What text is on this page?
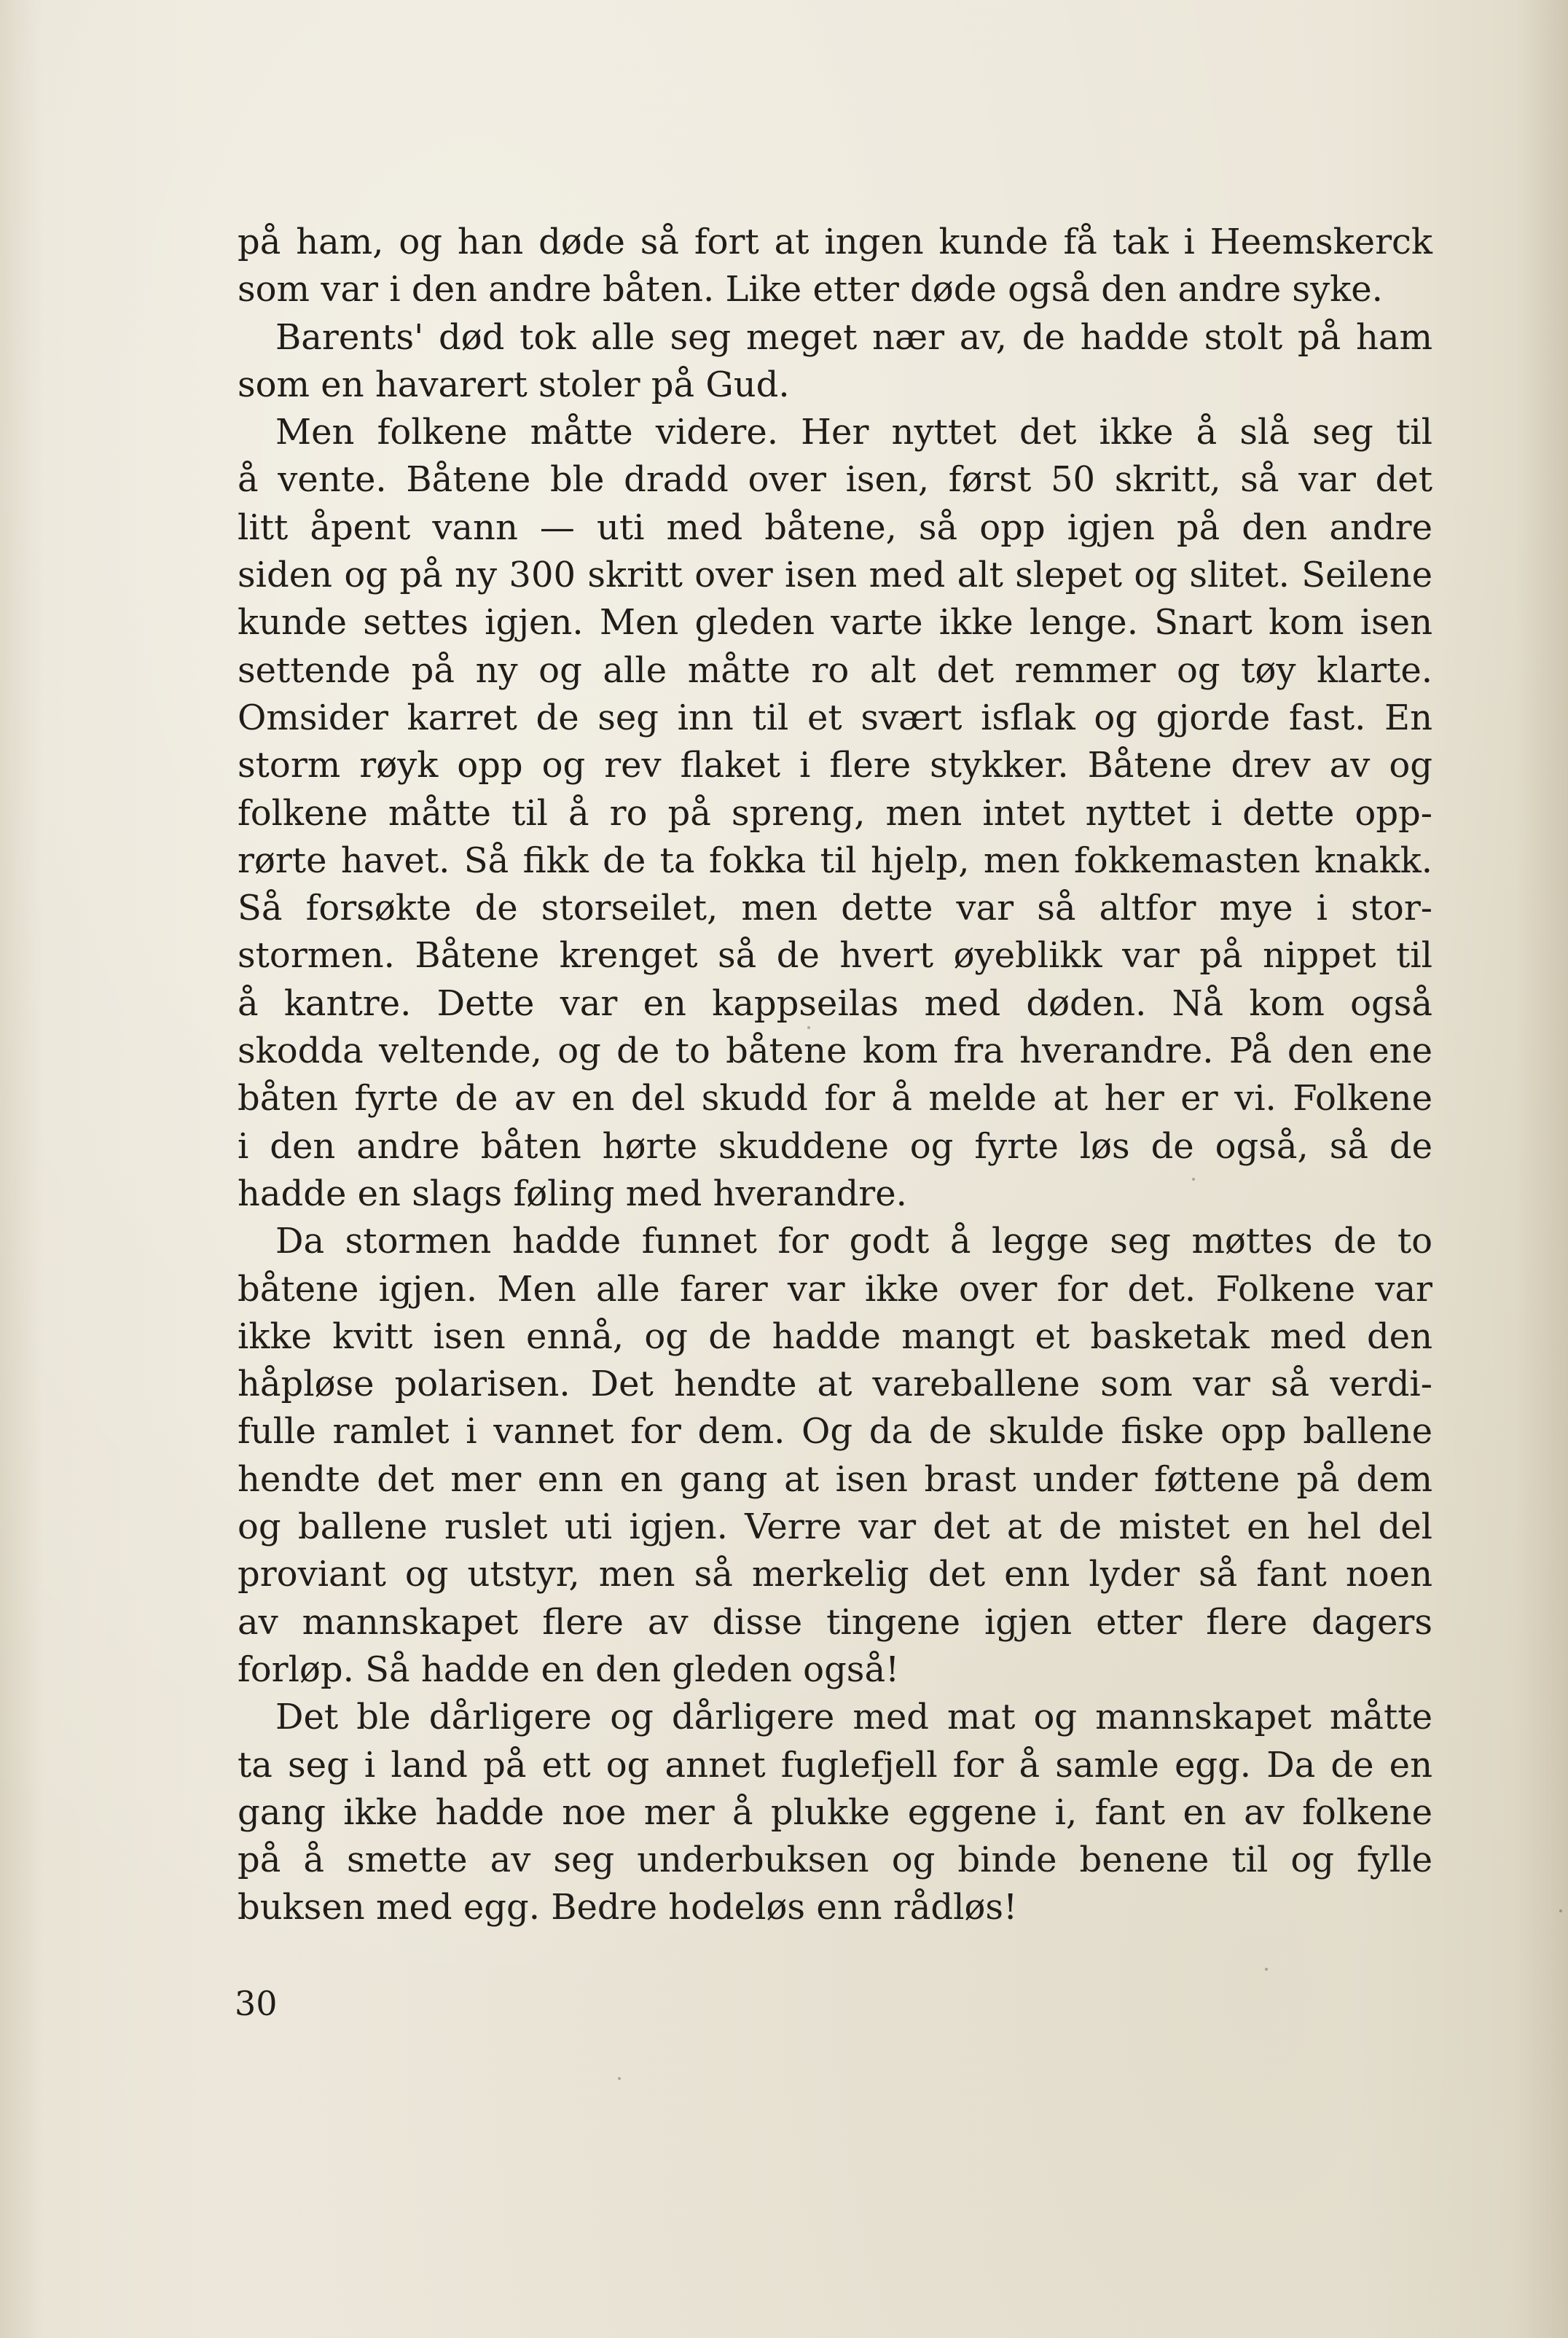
på ham, og han døde så fort at ingen kunde få tak i Heemskerck
som var i den andre båten. Like etter døde også den andre syke.
Barents' død tok alle seg meget nær av, de hadde stolt på ham
som en havarert stoler på Gud.
Men folkene måtte videre. Her nyttet det ikke å slå seg til
å vente. Båtene ble dradd over isen, først 50 skritt, så var det
litt åpent vann — uti med båtene, så opp igjen på den andre
siden og på ny 300 skritt over isen med alt slepet og slitet. Seilene
kunde settes igjen. Men gleden varte ikke lenge. Snart kom isen
settende på ny og alle måtte ro alt det remmer og tøy klarte.
Omsider karret de seg inn til et svært isflak og gjorde fast. En
storm røyk opp og rev flaket i flere stykker. Båtene drev av og
folkene måtte til å ro på spreng, men intet nyttet i dette opp-
rørte havet. Så fikk de ta fokka til hjelp, men fokkemasten knakk.
Så forsøkte de storseilet, men dette var så altfor mye i stor-
stormen. Båtene krenget så de hvert øyeblikk var på nippet til
å kantre. Dette var en kappseilas med døden. Nå kom også
skodda veltende, og de to båtene kom fra hverandre. På den ene
båten fyrte de av en del skudd for å melde at her er vi. Folkene
i den andre båten hørte skuddene og fyrte løs de også, så de
hadde en slags føling med hverandre.
Da stormen hadde funnet for godt å legge seg møttes de to
båtene igjen. Men alle farer var ikke over for det. Folkene var
ikke kvitt isen ennå, og de hadde mangt et basketak med den
håpløse polarisen. Det hendte at vareballene som var så verdi-
fulle ramlet i vannet for dem. Og da de skulde fiske opp ballene
hendte det mer enn en gang at isen brast under føttene på dem
og ballene ruslet uti igjen. Verre var det at de mistet en hel del
proviant og utstyr, men så merkelig det enn lyder så fant noen
av mannskapet flere av disse tingene igjen etter flere dagers
forløp. Så hadde en den gleden også!
Det ble dårligere og dårligere med mat og mannskapet måtte
ta seg i land på ett og annet fuglefjell for å samle egg. Da de en
gang ikke hadde noe mer å plukke eggene i, fant en av folkene
på å smette av seg underbuksen og binde benene til og fylle
buksen med egg. Bedre hodeløs enn rådløs!
30
